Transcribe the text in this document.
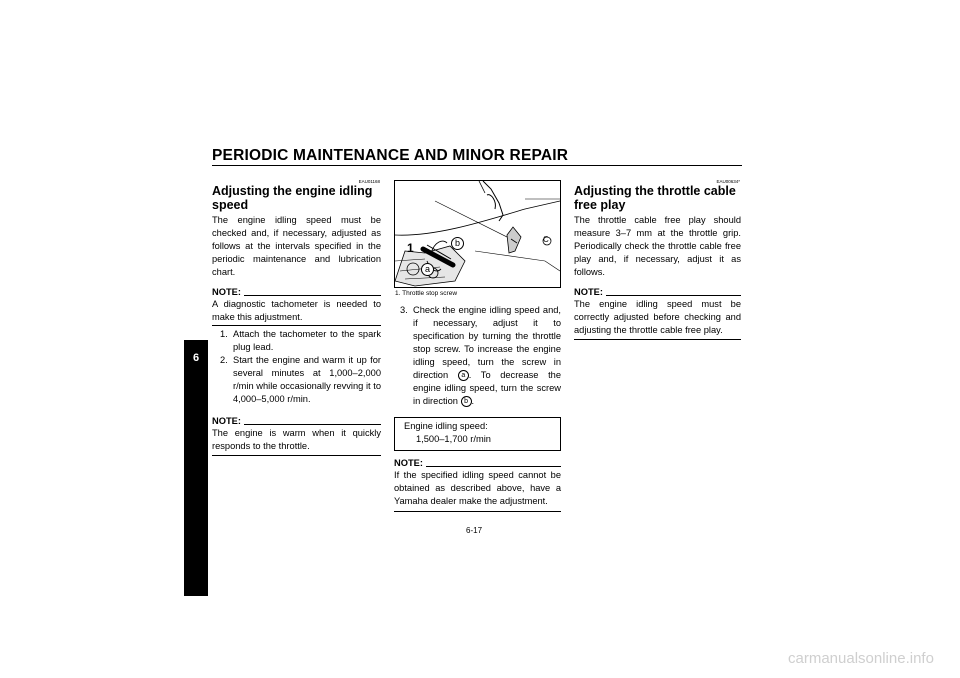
PERIODIC MAINTENANCE AND MINOR REPAIR
6
EAU01168
Adjusting the engine idling speed
The engine idling speed must be checked and, if necessary, adjusted as follows at the intervals specified in the periodic maintenance and lubrication chart.
NOTE:
A diagnostic tachometer is needed to make this adjustment.
1. Attach the tachometer to the spark plug lead.
2. Start the engine and warm it up for several minutes at 1,000–2,000 r/min while occasionally revving it to 4,000–5,000 r/min.
NOTE:
The engine is warm when it quickly responds to the throttle.
1
a
b	C
1. Throttle stop screw
3. Check the engine idling speed and, if necessary, adjust it to specification by turning the throttle stop screw. To increase the engine idling speed, turn the screw in direction a . To decrease the engine idling speed, turn the screw in direction b .
Engine idling speed:
1,500–1,700 r/min
NOTE:
If the specified idling speed cannot be obtained as described above, have a Yamaha dealer make the adjustment.
EAU00634*
Adjusting the throttle cable free play
The throttle cable free play should measure 3–7 mm at the throttle grip. Periodically check the throttle cable free play and, if necessary, adjust it as follows.
NOTE:
The engine idling speed must be correctly adjusted before checking and adjusting the throttle cable free play.
6-17
carmanualsonline.info
